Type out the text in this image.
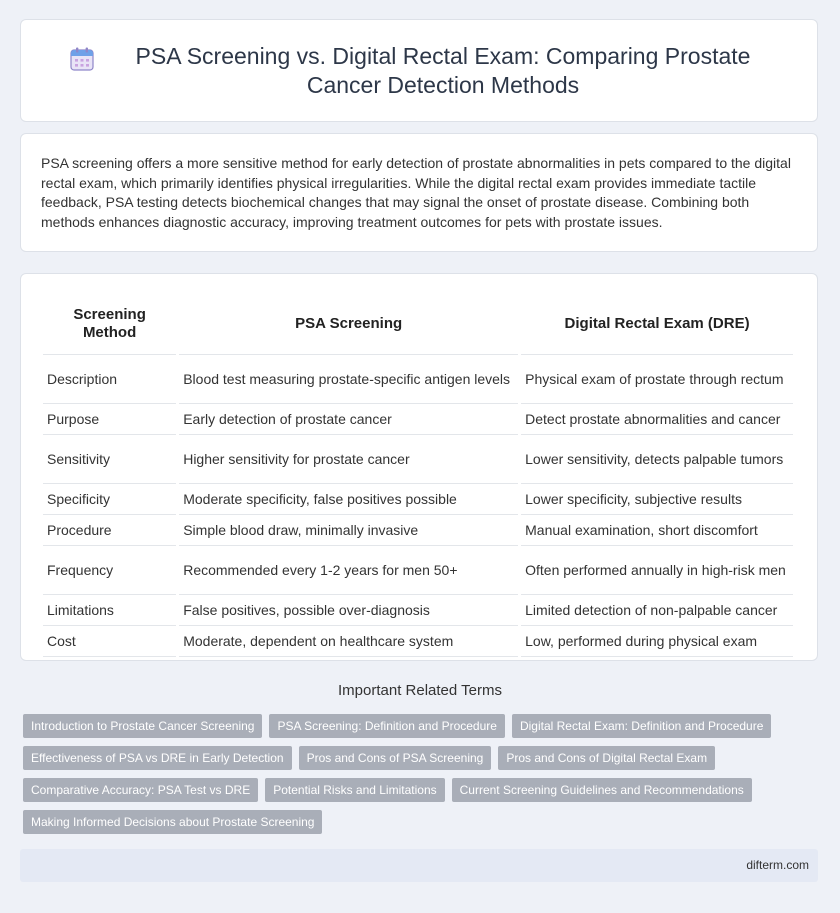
PSA Screening vs. Digital Rectal Exam: Comparing Prostate Cancer Detection Methods

PSA screening offers a more sensitive method for early detection of prostate abnormalities in pets compared to the digital rectal exam, which primarily identifies physical irregularities. While the digital rectal exam provides immediate tactile feedback, PSA testing detects biochemical changes that may signal the onset of prostate disease. Combining both methods enhances diagnostic accuracy, improving treatment outcomes for pets with prostate issues.

Screening Method	PSA Screening	Digital Rectal Exam (DRE)
Description	Blood test measuring prostate-specific antigen levels	Physical exam of prostate through rectum
Purpose	Early detection of prostate cancer	Detect prostate abnormalities and cancer
Sensitivity	Higher sensitivity for prostate cancer	Lower sensitivity, detects palpable tumors
Specificity	Moderate specificity, false positives possible	Lower specificity, subjective results
Procedure	Simple blood draw, minimally invasive	Manual examination, short discomfort
Frequency	Recommended every 1-2 years for men 50+	Often performed annually in high-risk men
Limitations	False positives, possible over-diagnosis	Limited detection of non-palpable cancer
Cost	Moderate, dependent on healthcare system	Low, performed during physical exam
Important Related Terms
Introduction to Prostate Cancer Screening	PSA Screening: Definition and Procedure	Digital Rectal Exam: Definition and Procedure
Effectiveness of PSA vs DRE in Early Detection	Pros and Cons of PSA Screening	Pros and Cons of Digital Rectal Exam
Comparative Accuracy: PSA Test vs DRE	Potential Risks and Limitations	Current Screening Guidelines and Recommendations
Making Informed Decisions about Prostate Screening
difterm.com
